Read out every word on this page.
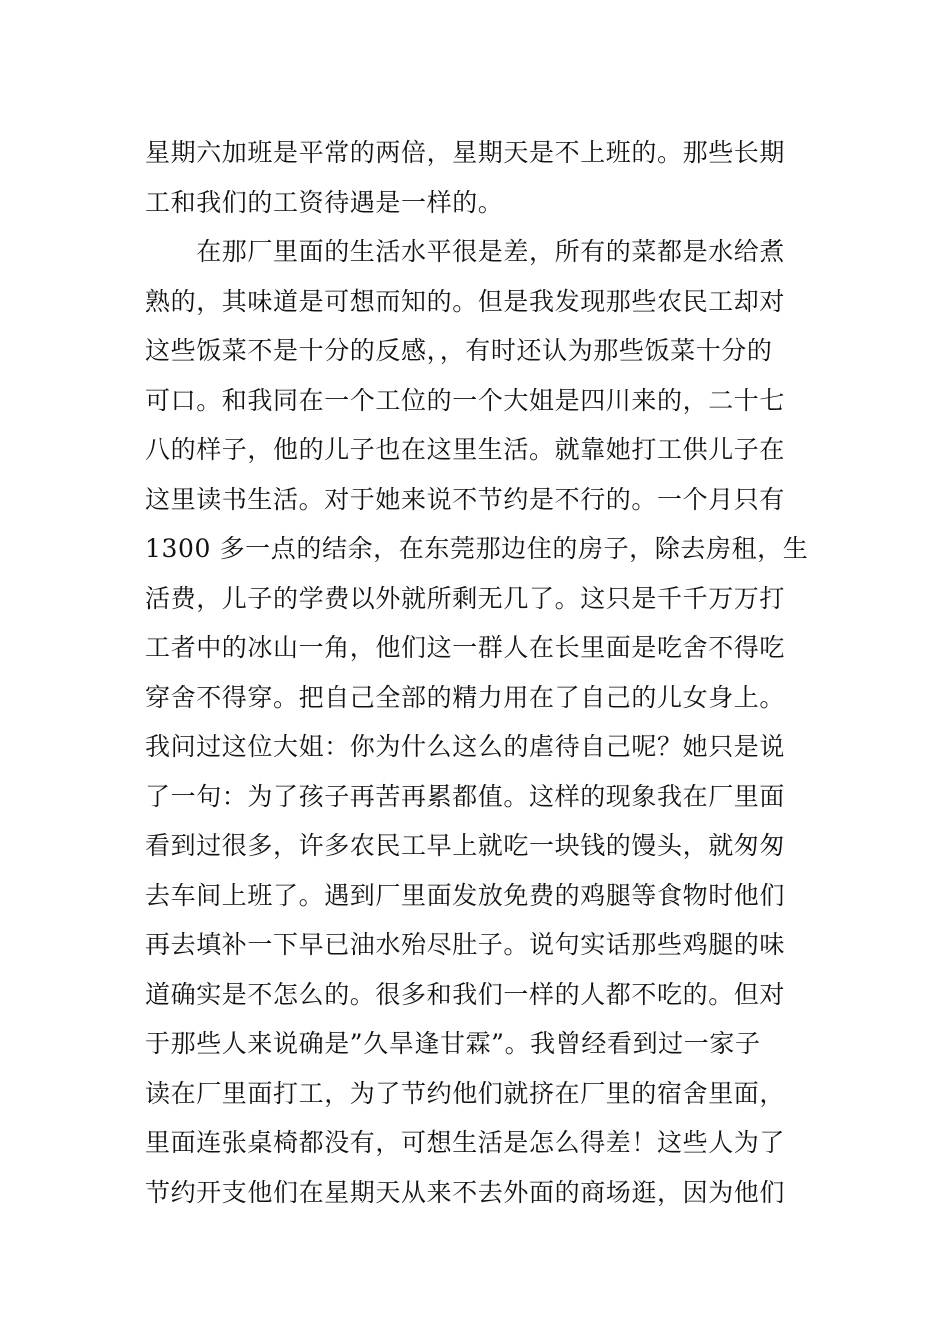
星期六加班是平常的两倍，星期天是不上班的。那些长期
工和我们的工资待遇是一样的。
　　在那厂里面的生活水平很是差，所有的菜都是水给煮
熟的，其味道是可想而知的。但是我发现那些农民工却对
这些饭菜不是十分的反感，，有时还认为那些饭菜十分的
可口。和我同在一个工位的一个大姐是四川来的，二十七
八的样子，他的儿子也在这里生活。就靠她打工供儿子在
这里读书生活。对于她来说不节约是不行的。一个月只有
1300 多一点的结余，在东莞那边住的房子，除去房租，生
活费，儿子的学费以外就所剩无几了。这只是千千万万打
工者中的冰山一角，他们这一群人在长里面是吃舍不得吃
穿舍不得穿。把自己全部的精力用在了自己的儿女身上。
我问过这位大姐：你为什么这么的虐待自己呢？她只是说
了一句：为了孩子再苦再累都值。这样的现象我在厂里面
看到过很多，许多农民工早上就吃一块钱的馒头，就匆匆
去车间上班了。遇到厂里面发放免费的鸡腿等食物时他们
再去填补一下早已油水殆尽肚子。说句实话那些鸡腿的味
道确实是不怎么的。很多和我们一样的人都不吃的。但对
于那些人来说确是”久旱逢甘霖”。我曾经看到过一家子
读在厂里面打工，为了节约他们就挤在厂里的宿舍里面，
里面连张桌椅都没有，可想生活是怎么得差！这些人为了
节约开支他们在星期天从来不去外面的商场逛，因为他们
